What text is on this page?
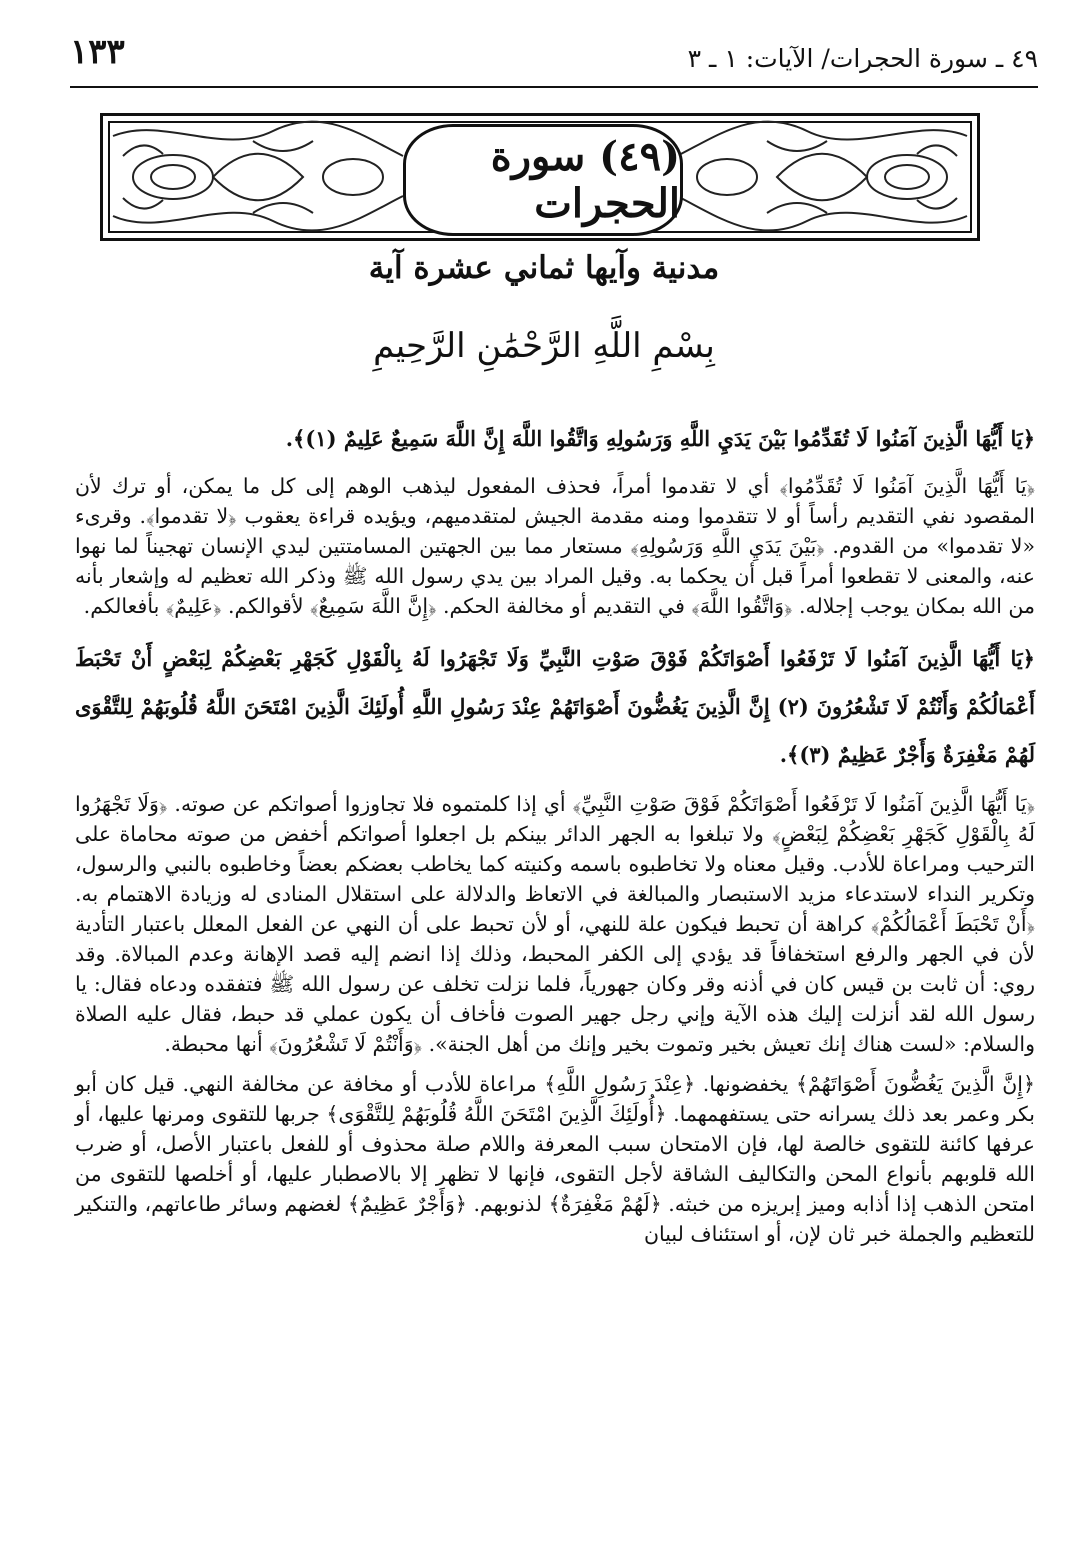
٤٩ ـ سورة الحجرات/ الآيات: ١ ـ ٣
١٣٣
(٤٩) سورة الحجرات
مدنية وآيها ثماني عشرة آية
بِسْمِ اللَّهِ الرَّحْمَٰنِ الرَّحِيمِ

﴿يَا أَيُّهَا الَّذِينَ آمَنُوا لَا تُقَدِّمُوا بَيْنَ يَدَيِ اللَّهِ وَرَسُولِهِ وَاتَّقُوا اللَّهَ إِنَّ اللَّهَ سَمِيعٌ عَلِيمٌ (١)﴾.

﴿يَا أَيُّهَا الَّذِينَ آمَنُوا لَا تُقَدِّمُوا﴾ أي لا تقدموا أمراً، فحذف المفعول ليذهب الوهم إلى كل ما يمكن، أو ترك لأن المقصود نفي التقديم رأساً أو لا تتقدموا ومنه مقدمة الجيش لمتقدميهم، ويؤيده قراءة يعقوب ﴿لا تقدموا﴾. وقرىء «لا تقدموا» من القدوم. ﴿بَيْنَ يَدَيِ اللَّهِ وَرَسُولِهِ﴾ مستعار مما بين الجهتين المسامتتين ليدي الإنسان تهجيناً لما نهوا عنه، والمعنى لا تقطعوا أمراً قبل أن يحكما به. وقيل المراد بين يدي رسول الله ﷺ وذكر الله تعظيم له وإشعار بأنه من الله بمكان يوجب إجلاله. ﴿وَاتَّقُوا اللَّهَ﴾ في التقديم أو مخالفة الحكم. ﴿إِنَّ اللَّهَ سَمِيعٌ﴾ لأقوالكم. ﴿عَلِيمٌ﴾ بأفعالكم.

﴿يَا أَيُّهَا الَّذِينَ آمَنُوا لَا تَرْفَعُوا أَصْوَاتَكُمْ فَوْقَ صَوْتِ النَّبِيِّ وَلَا تَجْهَرُوا لَهُ بِالْقَوْلِ كَجَهْرِ بَعْضِكُمْ لِبَعْضٍ أَنْ تَحْبَطَ أَعْمَالُكُمْ وَأَنْتُمْ لَا تَشْعُرُونَ (٢) إِنَّ الَّذِينَ يَغُضُّونَ أَصْوَاتَهُمْ عِنْدَ رَسُولِ اللَّهِ أُولَئِكَ الَّذِينَ امْتَحَنَ اللَّهُ قُلُوبَهُمْ لِلتَّقْوَى لَهُمْ مَغْفِرَةٌ وَأَجْرٌ عَظِيمٌ (٣)﴾.

﴿يَا أَيُّهَا الَّذِينَ آمَنُوا لَا تَرْفَعُوا أَصْوَاتَكُمْ فَوْقَ صَوْتِ النَّبِيِّ﴾ أي إذا كلمتموه فلا تجاوزوا أصواتكم عن صوته. ﴿وَلَا تَجْهَرُوا لَهُ بِالْقَوْلِ كَجَهْرِ بَعْضِكُمْ لِبَعْضٍ﴾ ولا تبلغوا به الجهر الدائر بينكم بل اجعلوا أصواتكم أخفض من صوته محاماة على الترحيب ومراعاة للأدب. وقيل معناه ولا تخاطبوه باسمه وكنيته كما يخاطب بعضكم بعضاً وخاطبوه بالنبي والرسول، وتكرير النداء لاستدعاء مزيد الاستبصار والمبالغة في الاتعاظ والدلالة على استقلال المنادى له وزيادة الاهتمام به. ﴿أَنْ تَحْبَطَ أَعْمَالُكُمْ﴾ كراهة أن تحبط فيكون علة للنهي، أو لأن تحبط على أن النهي عن الفعل المعلل باعتبار التأدية لأن في الجهر والرفع استخفافاً قد يؤدي إلى الكفر المحبط، وذلك إذا انضم إليه قصد الإهانة وعدم المبالاة. وقد روي: أن ثابت بن قيس كان في أذنه وقر وكان جهورياً، فلما نزلت تخلف عن رسول الله ﷺ فتفقده ودعاه فقال: يا رسول الله لقد أنزلت إليك هذه الآية وإني رجل جهير الصوت فأخاف أن يكون عملي قد حبط، فقال عليه الصلاة والسلام: «لست هناك إنك تعيش بخير وتموت بخير وإنك من أهل الجنة». ﴿وَأَنْتُمْ لَا تَشْعُرُونَ﴾ أنها محبطة.

﴿إِنَّ الَّذِينَ يَغُضُّونَ أَصْوَاتَهُمْ﴾ يخفضونها. ﴿عِنْدَ رَسُولِ اللَّهِ﴾ مراعاة للأدب أو مخافة عن مخالفة النهي. قيل كان أبو بكر وعمر بعد ذلك يسرانه حتى يستفهمهما. ﴿أُولَئِكَ الَّذِينَ امْتَحَنَ اللَّهُ قُلُوبَهُمْ لِلتَّقْوَى﴾ جربها للتقوى ومرنها عليها، أو عرفها كائنة للتقوى خالصة لها، فإن الامتحان سبب المعرفة واللام صلة محذوف أو للفعل باعتبار الأصل، أو ضرب الله قلوبهم بأنواع المحن والتكاليف الشاقة لأجل التقوى، فإنها لا تظهر إلا بالاصطبار عليها، أو أخلصها للتقوى من امتحن الذهب إذا أذابه وميز إبريزه من خبثه. ﴿لَهُمْ مَغْفِرَةٌ﴾ لذنوبهم. ﴿وَأَجْرٌ عَظِيمٌ﴾ لغضهم وسائر طاعاتهم، والتنكير للتعظيم والجملة خبر ثان لإن، أو استئناف لبيان
